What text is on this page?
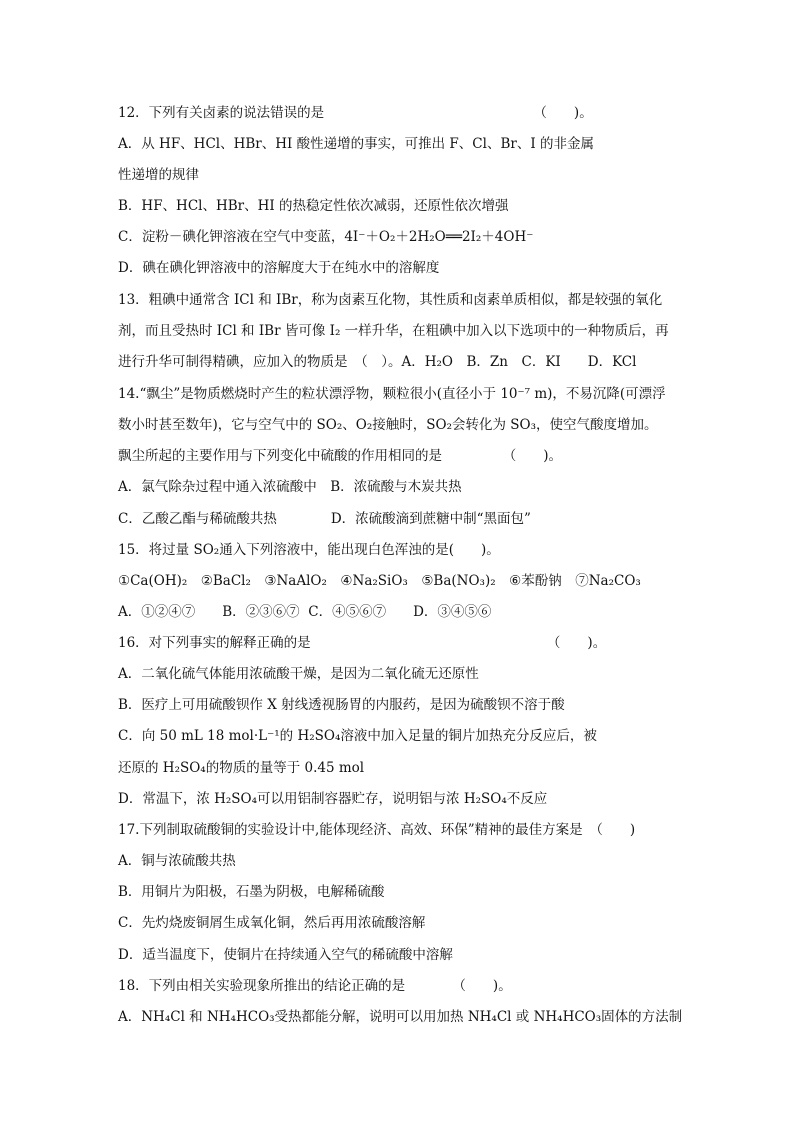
12．下列有关卤素的说法错误的是　　　　　　　　　　　　　　　　（　　)。
A．从 HF、HCl、HBr、HI 酸性递增的事实，可推出 F、Cl、Br、I 的非金属
性递增的规律
B．HF、HCl、HBr、HI 的热稳定性依次减弱，还原性依次增强
C．淀粉－碘化钾溶液在空气中变蓝，4I⁻＋O₂＋2H₂O══2I₂＋4OH⁻
D．碘在碘化钾溶液中的溶解度大于在纯水中的溶解度
13．粗碘中通常含 ICl 和 IBr，称为卤素互化物，其性质和卤素单质相似，都是较强的氧化
剂，而且受热时 ICl 和 IBr 皆可像 I₂ 一样升华，在粗碘中加入以下选项中的一种物质后，再
进行升华可制得精碘，应加入的物质是　（　）。A．H₂O　B．Zn　C．KI　　D．KCl
14.“飘尘”是物质燃烧时产生的粒状漂浮物，颗粒很小(直径小于 10⁻⁷ m)，不易沉降(可漂浮
数小时甚至数年)，它与空气中的 SO₂、O₂接触时，SO₂会转化为 SO₃，使空气酸度增加。
飘尘所起的主要作用与下列变化中硫酸的作用相同的是　　　　　（　　)。
A．氯气除杂过程中通入浓硫酸中　B．浓硫酸与木炭共热
C．乙酸乙酯与稀硫酸共热　　　　D．浓硫酸滴到蔗糖中制“黑面包”
15．将过量 SO₂通入下列溶液中，能出现白色浑浊的是(　　)。
①Ca(OH)₂　②BaCl₂　③NaAlO₂　④Na₂SiO₃　⑤Ba(NO₃)₂　⑥苯酚钠　⑦Na₂CO₃
A．①②④⑦　　B．②③⑥⑦  C．④⑤⑥⑦　　D．③④⑤⑥
16．对下列事实的解释正确的是　　　　　　　　　　　　　　　　　　（　　)。
A．二氧化硫气体能用浓硫酸干燥，是因为二氧化硫无还原性
B．医疗上可用硫酸钡作 X 射线透视肠胃的内服药，是因为硫酸钡不溶于酸
C．向 50 mL 18 mol·L⁻¹的 H₂SO₄溶液中加入足量的铜片加热充分反应后，被
还原的 H₂SO₄的物质的量等于 0.45 mol
D．常温下，浓 H₂SO₄可以用铝制容器贮存，说明铝与浓 H₂SO₄不反应
17.下列制取硫酸铜的实验设计中,能体现经济、高效、环保”精神的最佳方案是　（　　)
A．铜与浓硫酸共热
B．用铜片为阳极，石墨为阴极，电解稀硫酸
C．先灼烧废铜屑生成氧化铜，然后再用浓硫酸溶解
D．适当温度下，使铜片在持续通入空气的稀硫酸中溶解
18．下列由相关实验现象所推出的结论正确的是　　　　（　　)。
A．NH₄Cl 和 NH₄HCO₃受热都能分解，说明可以用加热 NH₄Cl 或 NH₄HCO₃固体的方法制
